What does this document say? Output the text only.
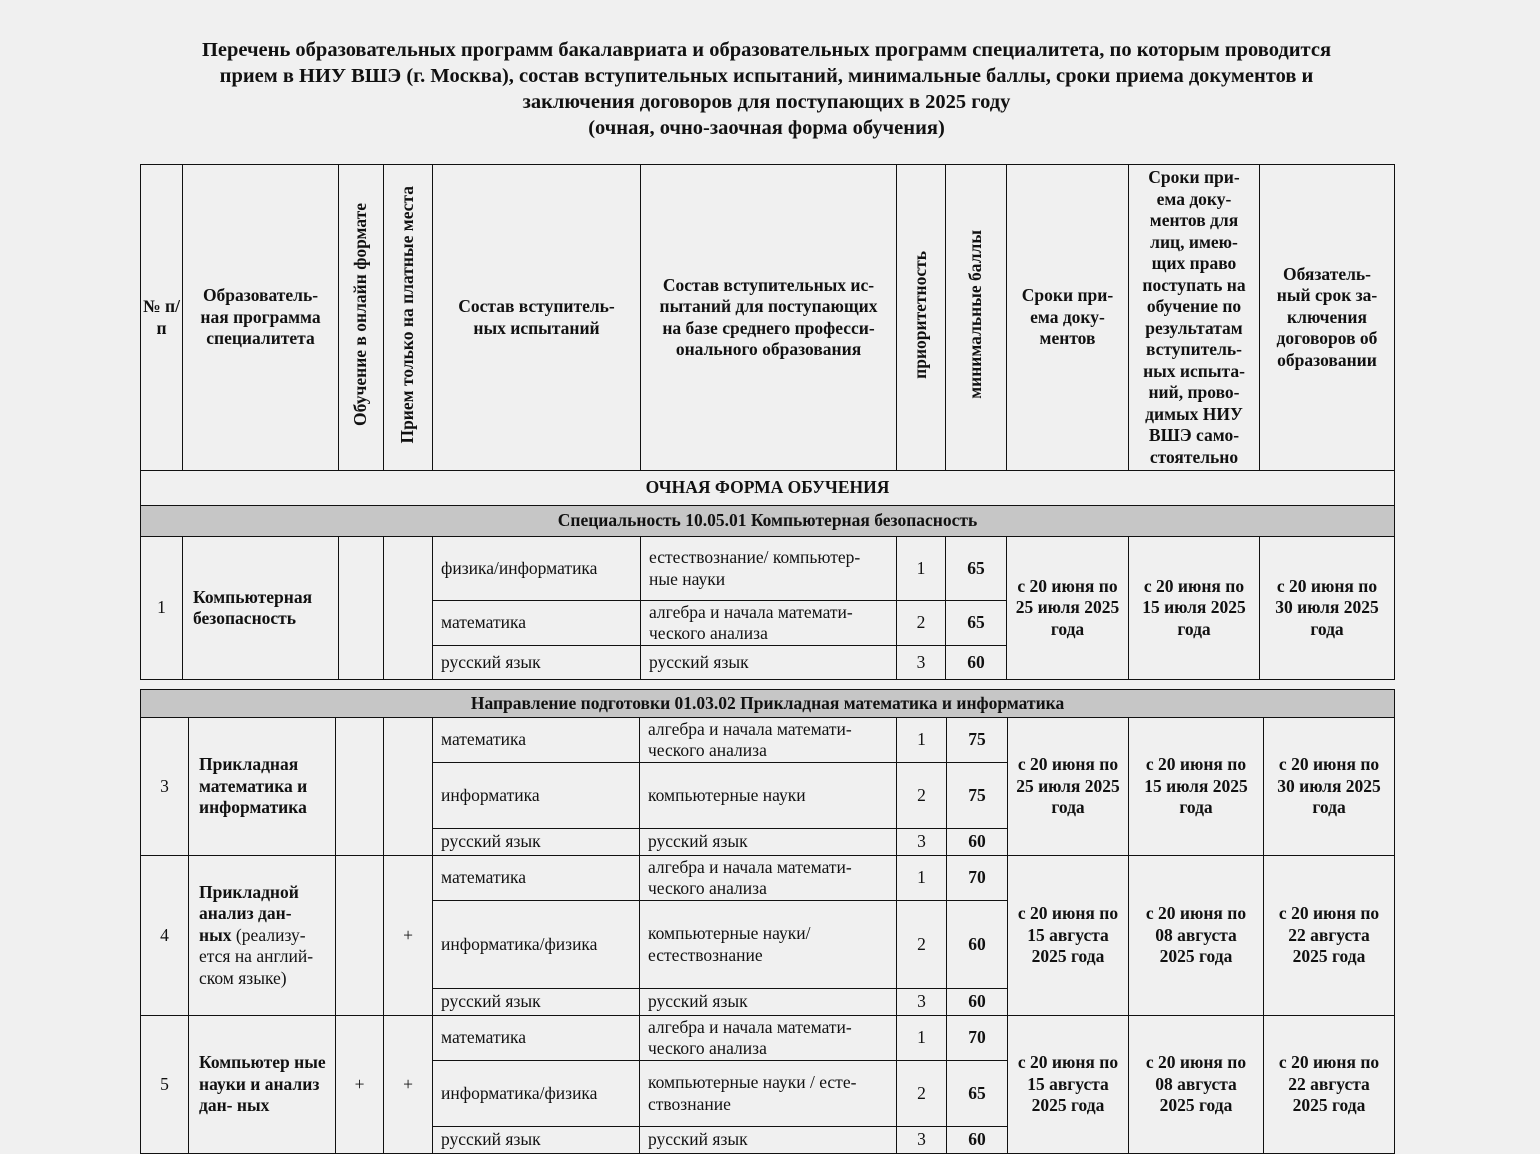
Перечень образовательных программ бакалавриата и образовательных программ специалитета, по которым проводится
прием в НИУ ВШЭ (г. Москва), состав вступительных испытаний, минимальные баллы, сроки приема документов и
заключения договоров для поступающих в 2025 году
(очная, очно-заочная форма обучения)
№ п/ п	Образователь- ная программа специалитета	Обучение в онлайн формате	Прием только на платные места	Состав вступитель- ных испытаний	Состав вступительных ис- пытаний для поступающих на базе среднего професси- онального образования	приоритетность	минимальные баллы	Сроки при- ема доку- ментов	Сроки при- ема доку- ментов для лиц, имею- щих право поступать на обучение по результатам вступитель- ных испыта- ний, прово- димых НИУ ВШЭ само- стоятельно	Обязатель- ный срок за- ключения договоров об образовании
ОЧНАЯ ФОРМА ОБУЧЕНИЯ										
Специальность 10.05.01 Компьютерная безопасность										
1	Компьютерная безопасность			физика/информатика	естествознание/ компьютер- ные науки	1	65	с 20 июня по 25 июля 2025 года	с 20 июня по 15 июля 2025 года	с 20 июня по 30 июля 2025 года
				математика	алгебра и начала математи- ческого анализа	2	65			
				русский язык	русский язык	3	60			
Направление подготовки 01.03.02 Прикладная математика и информатика										
3	Прикладная математика и информатика			математика	алгебра и начала математи- ческого анализа	1	75	с 20 июня по 25 июля 2025 года	с 20 июня по 15 июля 2025 года	с 20 июня по 30 июля 2025 года
				информатика	компьютерные науки	2	75			
				русский язык	русский язык	3	60			
4	Прикладной анализ дан- ных (реализу- ется на англий- ском языке)		+	математика	алгебра и начала математи- ческого анализа	1	70	с 20 июня по 15 августа 2025 года	с 20 июня по 08 августа 2025 года	с 20 июня по 22 августа 2025 года
				информатика/физика	компьютерные науки/естествознание	2	60			
				русский язык	русский язык	3	60			
5	Компьютер ные науки и анализ дан- ных	+	+	математика	алгебра и начала математи- ческого анализа	1	70	с 20 июня по 15 августа 2025 года	с 20 июня по 08 августа 2025 года	с 20 июня по 22 августа 2025 года
				информатика/физика	компьютерные науки / есте- ствознание	2	65			
				русский язык	русский язык	3	60			
